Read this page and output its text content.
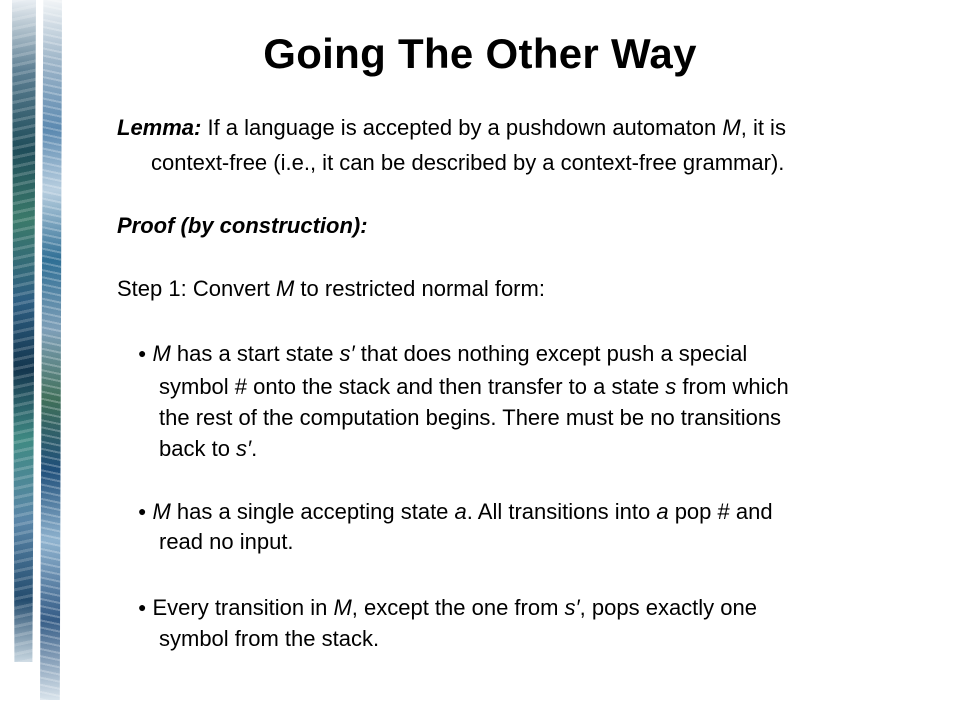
Going The Other Way
Lemma: If a language is accepted by a pushdown automaton M, it is
context-free (i.e., it can be described by a context-free grammar).
Proof (by construction):
Step 1: Convert M to restricted normal form:
● M has a start state s′ that does nothing except push a special
symbol # onto the stack and then transfer to a state s from which
the rest of the computation begins. There must be no transitions
back to s′.
● M has a single accepting state a. All transitions into a pop # and
read no input.
● Every transition in M, except the one from s′, pops exactly one
symbol from the stack.
